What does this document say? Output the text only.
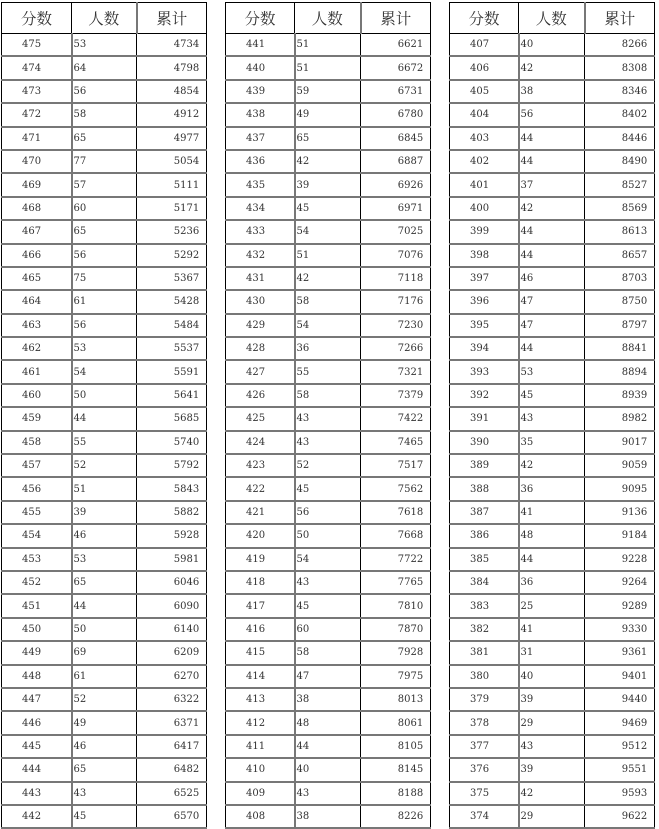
分数	人数	累计
475	53	4734
474	64	4798
473	56	4854
472	58	4912
471	65	4977
470	77	5054
469	57	5111
468	60	5171
467	65	5236
466	56	5292
465	75	5367
464	61	5428
463	56	5484
462	53	5537
461	54	5591
460	50	5641
459	44	5685
458	55	5740
457	52	5792
456	51	5843
455	39	5882
454	46	5928
453	53	5981
452	65	6046
451	44	6090
450	50	6140
449	69	6209
448	61	6270
447	52	6322
446	49	6371
445	46	6417
444	65	6482
443	43	6525
442	45	6570
分数	人数	累计
441	51	6621
440	51	6672
439	59	6731
438	49	6780
437	65	6845
436	42	6887
435	39	6926
434	45	6971
433	54	7025
432	51	7076
431	42	7118
430	58	7176
429	54	7230
428	36	7266
427	55	7321
426	58	7379
425	43	7422
424	43	7465
423	52	7517
422	45	7562
421	56	7618
420	50	7668
419	54	7722
418	43	7765
417	45	7810
416	60	7870
415	58	7928
414	47	7975
413	38	8013
412	48	8061
411	44	8105
410	40	8145
409	43	8188
408	38	8226
分数	人数	累计
407	40	8266
406	42	8308
405	38	8346
404	56	8402
403	44	8446
402	44	8490
401	37	8527
400	42	8569
399	44	8613
398	44	8657
397	46	8703
396	47	8750
395	47	8797
394	44	8841
393	53	8894
392	45	8939
391	43	8982
390	35	9017
389	42	9059
388	36	9095
387	41	9136
386	48	9184
385	44	9228
384	36	9264
383	25	9289
382	41	9330
381	31	9361
380	40	9401
379	39	9440
378	29	9469
377	43	9512
376	39	9551
375	42	9593
374	29	9622
